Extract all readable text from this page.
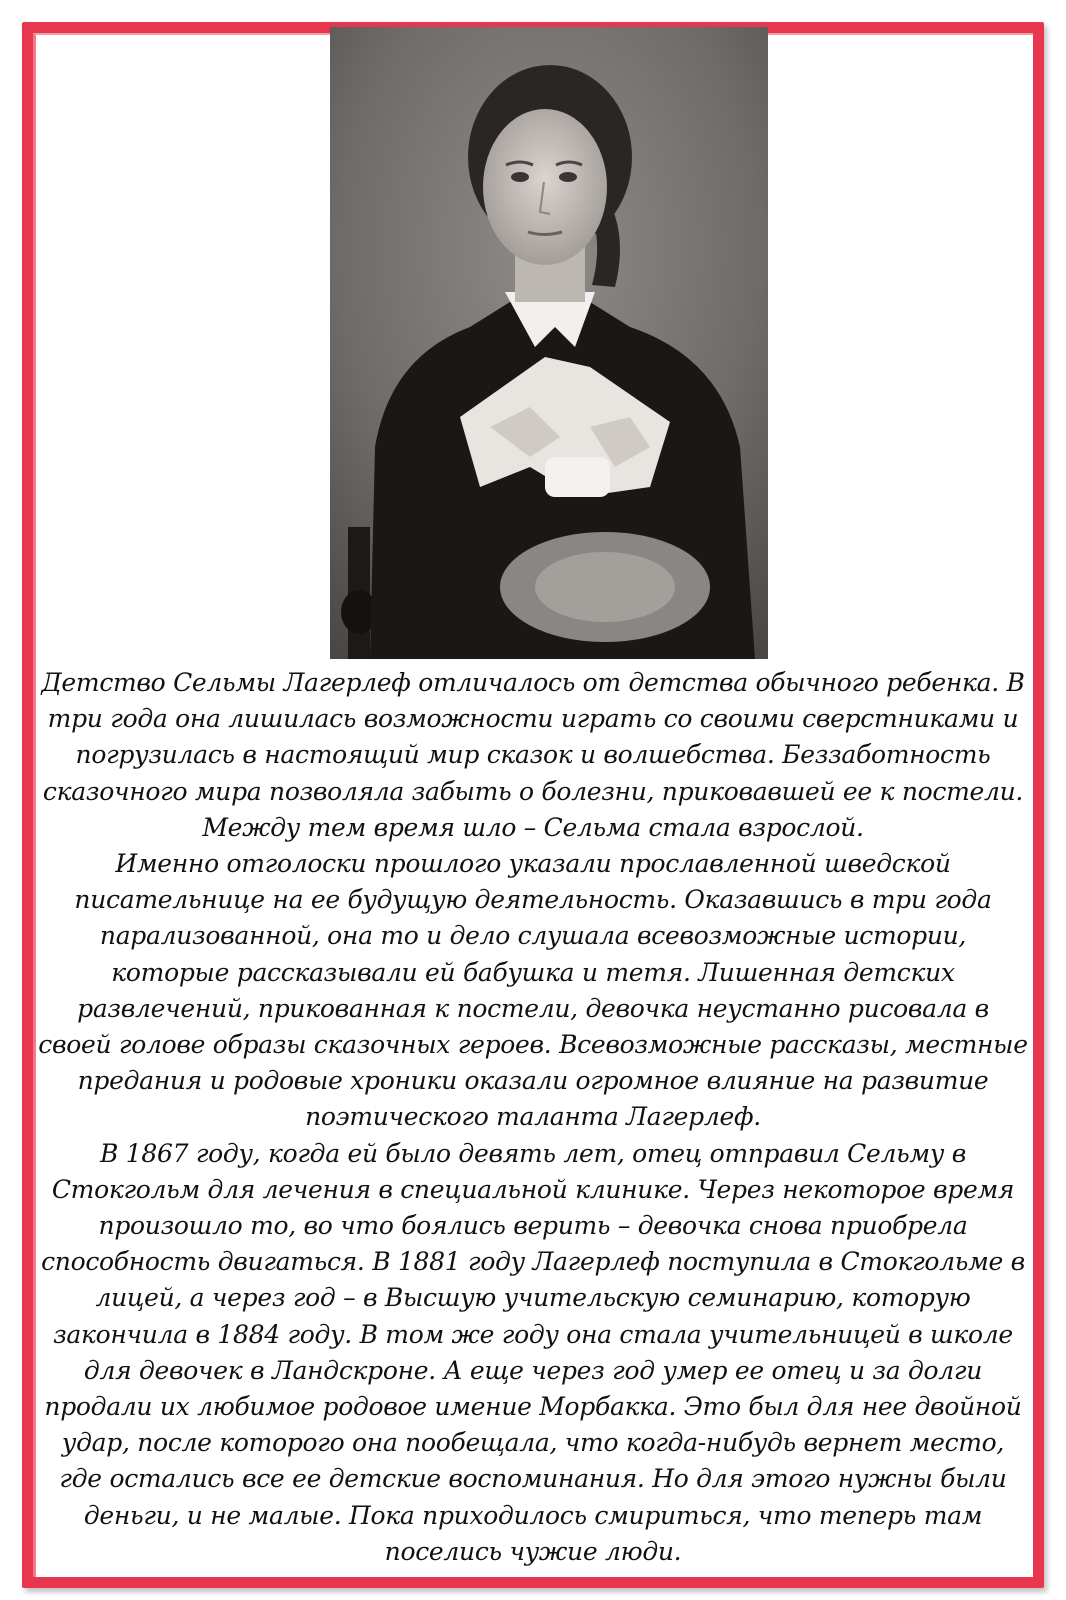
Детство Сельмы Лагерлеф отличалось от детства обычного ребенка. В три года она лишилась возможности играть со своими сверстниками и погрузилась в настоящий мир сказок и волшебства. Беззаботность сказочного мира позволяла забыть о болезни, приковавшей ее к постели. Между тем время шло – Сельма стала взрослой.

Именно отголоски прошлого указали прославленной шведской писательнице на ее будущую деятельность. Оказавшись в три года парализованной, она то и дело слушала всевозможные истории, которые рассказывали ей бабушка и тетя. Лишенная детских развлечений, прикованная к постели, девочка неустанно рисовала в своей голове образы сказочных героев. Всевозможные рассказы, местные предания и родовые хроники оказали огромное влияние на развитие поэтического таланта Лагерлеф.

В 1867 году, когда ей было девять лет, отец отправил Сельму в Стокгольм для лечения в специальной клинике. Через некоторое время произошло то, во что боялись верить – девочка снова приобрела способность двигаться. В 1881 году Лагерлеф поступила в Стокгольме в лицей, а через год – в Высшую учительскую семинарию, которую закончила в 1884 году. В том же году она стала учительницей в школе для девочек в Ландскроне. А еще через год умер ее отец и за долги продали их любимое родовое имение Морбакка. Это был для нее двойной удар, после которого она пообещала, что когда-нибудь вернет место, где остались все ее детские воспоминания. Но для этого нужны были деньги, и не малые. Пока приходилось смириться, что теперь там поселись чужие люди.
